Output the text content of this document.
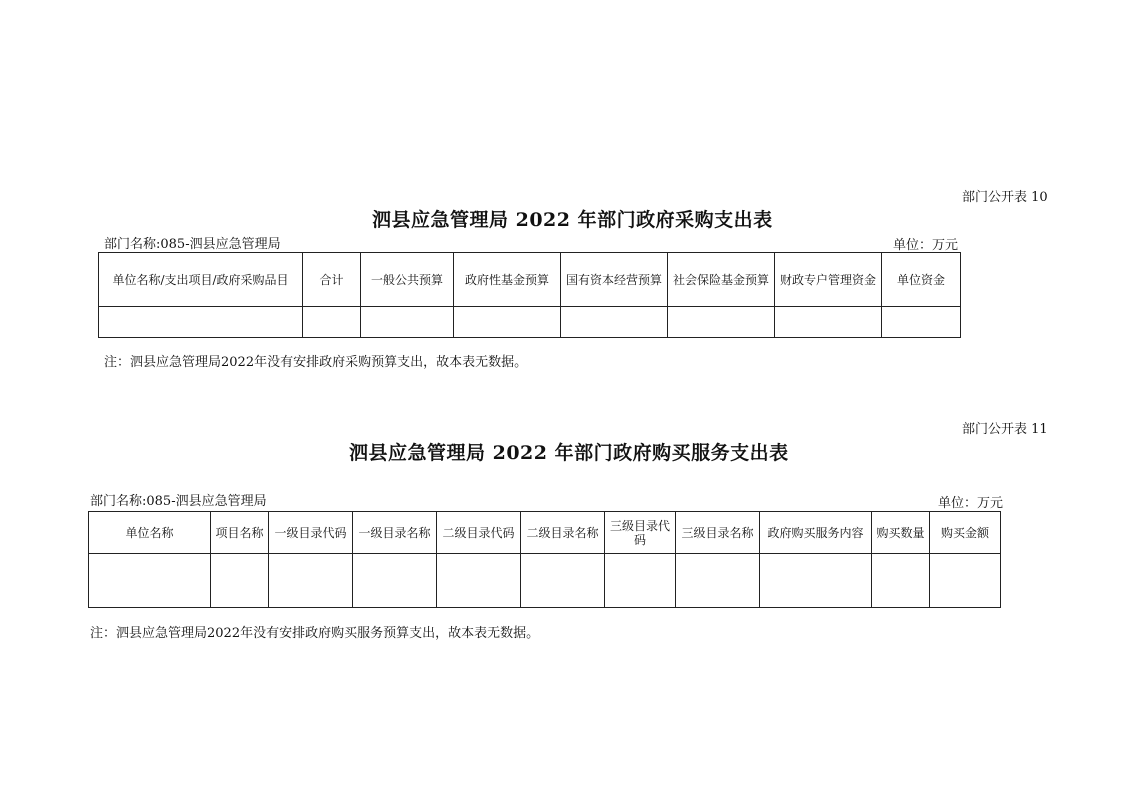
部门公开表 10
泗县应急管理局 2022 年部门政府采购支出表
部门名称:085-泗县应急管理局	单位：万元
单位名称/支出项目/政府采购品目	合计	一般公共预算	政府性基金预算	国有资本经营预算	社会保险基金预算	财政专户管理资金	单位资金

注：泗县应急管理局2022年没有安排政府采购预算支出，故本表无数据。
部门公开表 11
泗县应急管理局 2022 年部门政府购买服务支出表
部门名称:085-泗县应急管理局	单位：万元
单位名称	项目名称	一级目录代码	一级目录名称	二级目录代码	二级目录名称	三级目录代码	三级目录名称	政府购买服务内容	购买数量	购买金额

注：泗县应急管理局2022年没有安排政府购买服务预算支出，故本表无数据。
